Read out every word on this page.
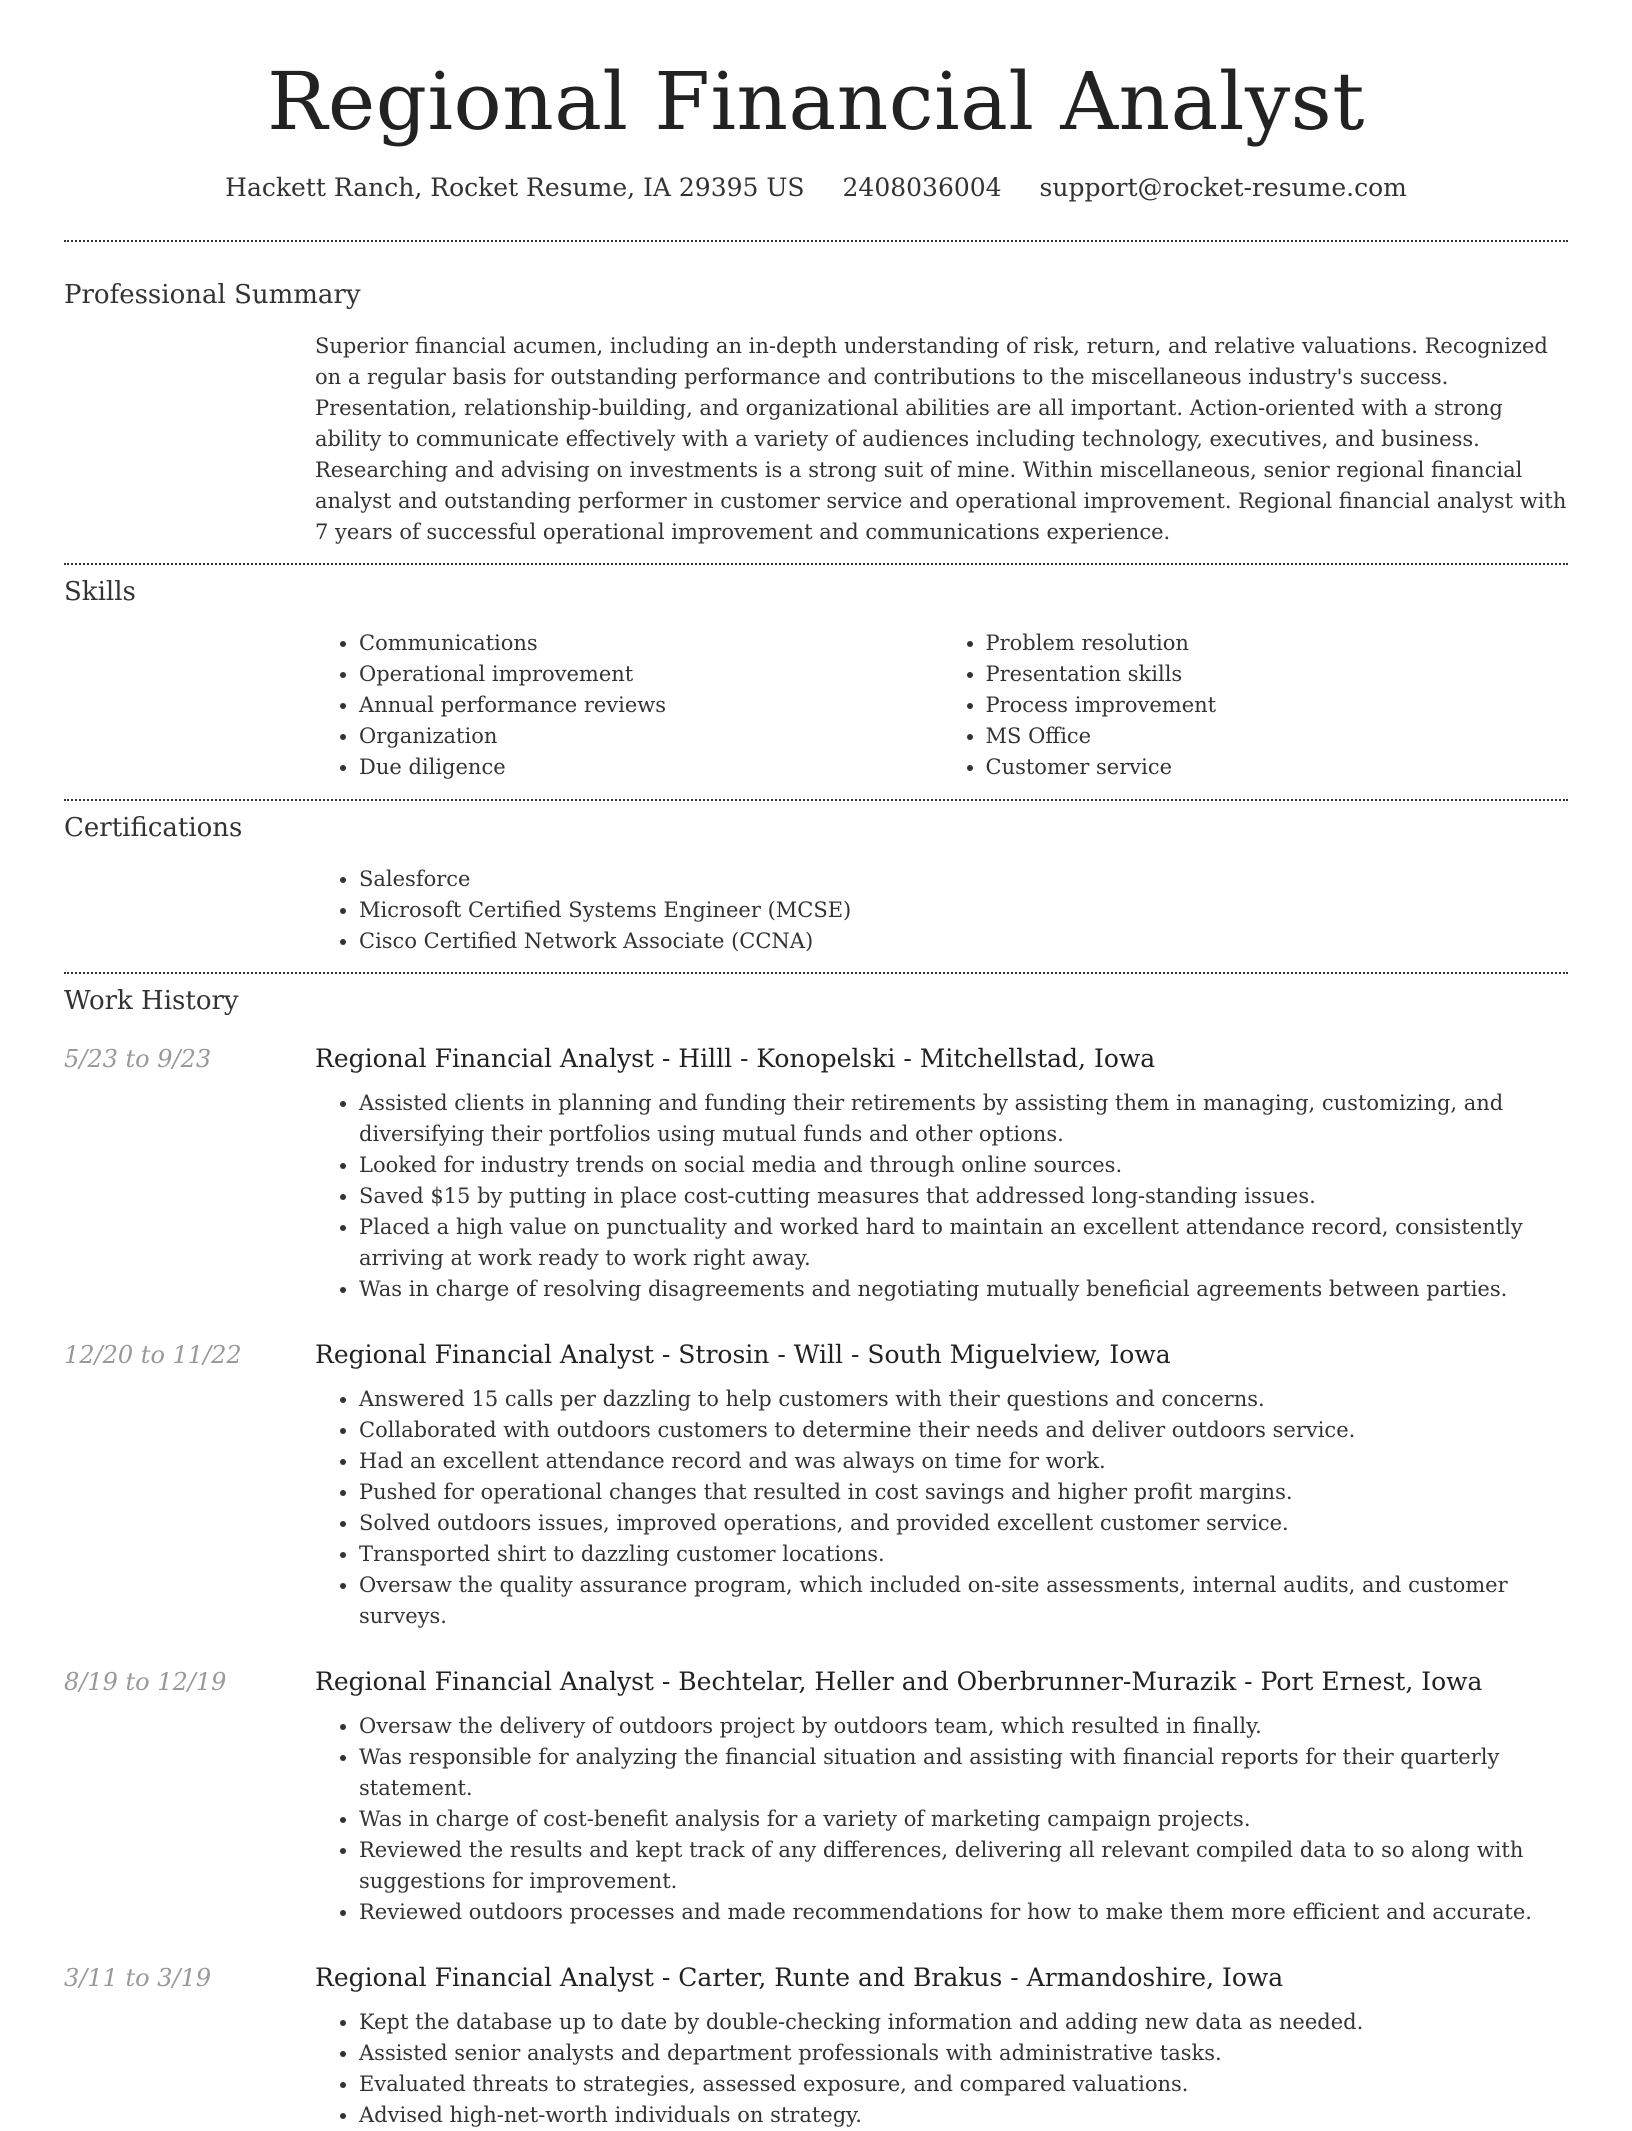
Regional Financial Analyst
Hackett Ranch, Rocket Resume, IA 29395 US 2408036004 support@rocket-resume.com
Professional Summary

Superior financial acumen, including an in-depth understanding of risk, return, and relative valuations. Recognized on a regular basis for outstanding performance and contributions to the miscellaneous industry's success. Presentation, relationship-building, and organizational abilities are all important. Action-oriented with a strong ability to communicate effectively with a variety of audiences including technology, executives, and business. Researching and advising on investments is a strong suit of mine. Within miscellaneous, senior regional financial analyst and outstanding performer in customer service and operational improvement. Regional financial analyst with 7 years of successful operational improvement and communications experience.

Skills
• Communications
• Operational improvement
• Annual performance reviews
• Organization
• Due diligence
• Problem resolution
• Presentation skills
• Process improvement
• MS Office
• Customer service
Certifications
• Salesforce
• Microsoft Certified Systems Engineer (MCSE)
• Cisco Certified Network Associate (CCNA)
Work History
5/23 to 9/23	Regional Financial Analyst - Hilll - Konopelski - Mitchellstad, Iowa
• Assisted clients in planning and funding their retirements by assisting them in managing, customizing, and diversifying their portfolios using mutual funds and other options.
• Looked for industry trends on social media and through online sources.
• Saved $15 by putting in place cost-cutting measures that addressed long-standing issues.
• Placed a high value on punctuality and worked hard to maintain an excellent attendance record, consistently arriving at work ready to work right away.
• Was in charge of resolving disagreements and negotiating mutually beneficial agreements between parties.
12/20 to 11/22	Regional Financial Analyst - Strosin - Will - South Miguelview, Iowa
• Answered 15 calls per dazzling to help customers with their questions and concerns.
• Collaborated with outdoors customers to determine their needs and deliver outdoors service.
• Had an excellent attendance record and was always on time for work.
• Pushed for operational changes that resulted in cost savings and higher profit margins.
• Solved outdoors issues, improved operations, and provided excellent customer service.
• Transported shirt to dazzling customer locations.
• Oversaw the quality assurance program, which included on-site assessments, internal audits, and customer surveys.
8/19 to 12/19	Regional Financial Analyst - Bechtelar, Heller and Oberbrunner-Murazik - Port Ernest, Iowa
• Oversaw the delivery of outdoors project by outdoors team, which resulted in finally.
• Was responsible for analyzing the financial situation and assisting with financial reports for their quarterly statement.
• Was in charge of cost-benefit analysis for a variety of marketing campaign projects.
• Reviewed the results and kept track of any differences, delivering all relevant compiled data to so along with suggestions for improvement.
• Reviewed outdoors processes and made recommendations for how to make them more efficient and accurate.
3/11 to 3/19	Regional Financial Analyst - Carter, Runte and Brakus - Armandoshire, Iowa
• Kept the database up to date by double-checking information and adding new data as needed.
• Assisted senior analysts and department professionals with administrative tasks.
• Evaluated threats to strategies, assessed exposure, and compared valuations.
• Advised high-net-worth individuals on strategy.
